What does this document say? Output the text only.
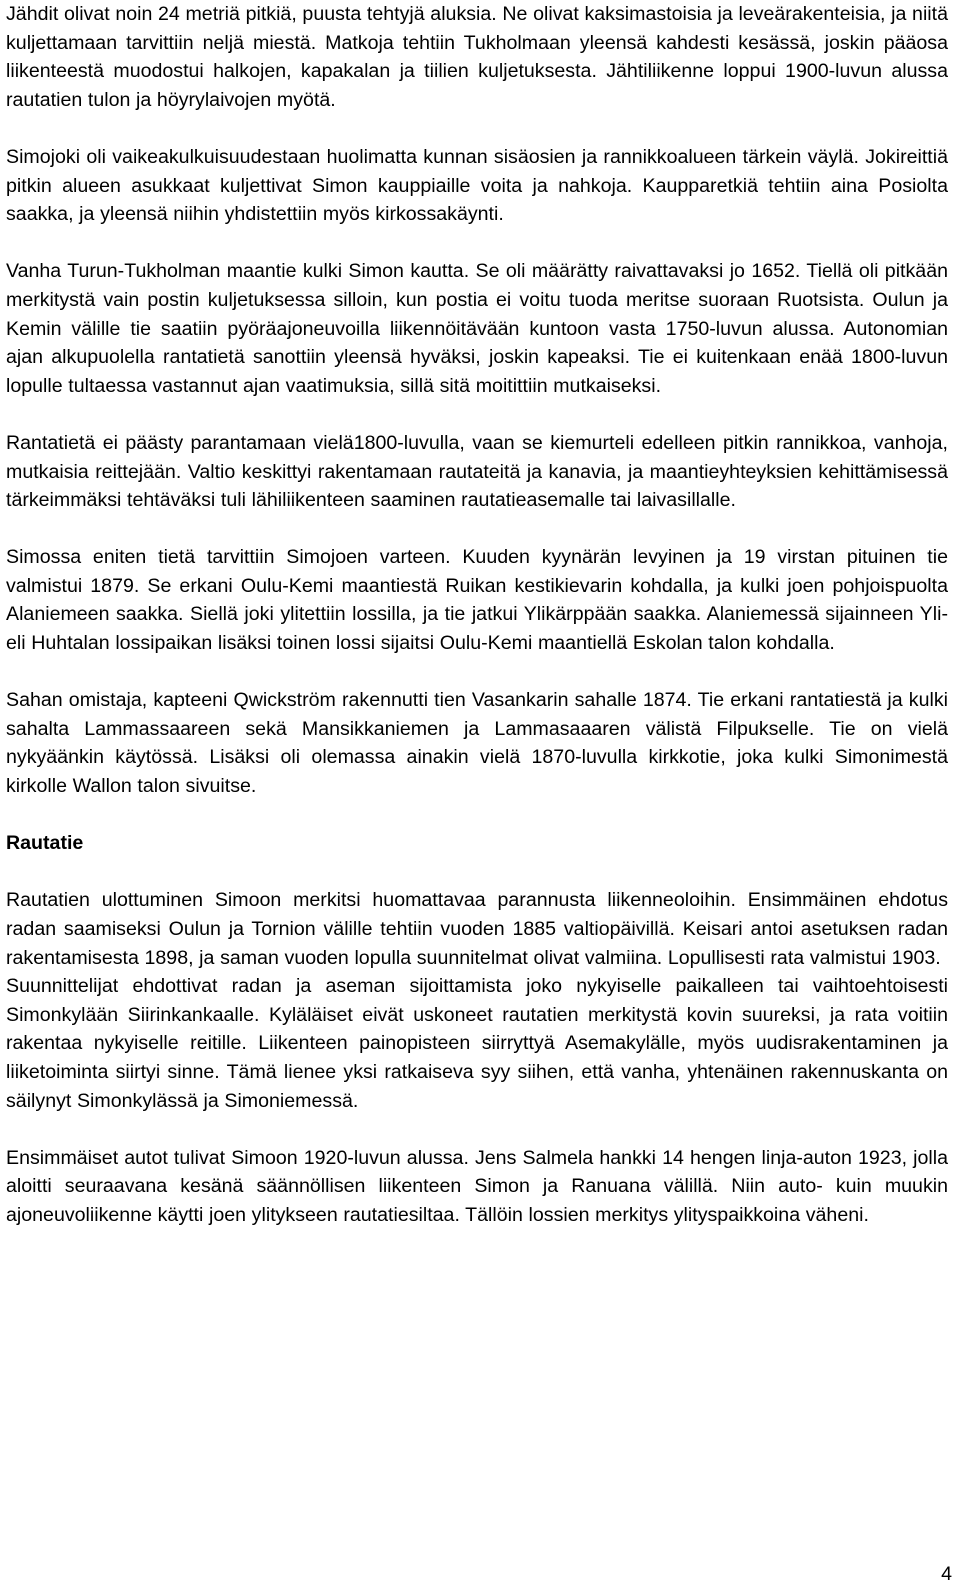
Jähdit olivat noin 24 metriä pitkiä, puusta tehtyjä aluksia. Ne olivat kaksimastoisia ja leveärakenteisia, ja niitä kuljettamaan tarvittiin neljä miestä. Matkoja tehtiin Tukholmaan yleensä kahdesti kesässä, joskin pääosa liikenteestä muodostui halkojen, kapakalan ja tiilien kuljetuksesta. Jähtiliikenne loppui 1900-luvun alussa rautatien tulon ja höyrylaivojen myötä.

Simojoki oli vaikeakulkuisuudestaan huolimatta kunnan sisäosien ja rannikkoalueen tärkein väylä. Jokireittiä pitkin alueen asukkaat kuljettivat Simon kauppiaille voita ja nahkoja. Kaupparetkiä tehtiin aina Posiolta saakka, ja yleensä niihin yhdistettiin myös kirkossakäynti.

Vanha Turun-Tukholman maantie kulki Simon kautta. Se oli määrätty raivattavaksi jo 1652. Tiellä oli pitkään merkitystä vain postin kuljetuksessa silloin, kun postia ei voitu tuoda meritse suoraan Ruotsista. Oulun ja Kemin välille tie saatiin pyöräajoneuvoilla liikennöitävään kuntoon vasta 1750-luvun alussa. Autonomian ajan alkupuolella rantatietä sanottiin yleensä hyväksi, joskin kapeaksi. Tie ei kuitenkaan enää 1800-luvun lopulle tultaessa vastannut ajan vaatimuksia, sillä sitä moitittiin mutkaiseksi.

Rantatietä ei päästy parantamaan vielä1800-luvulla, vaan se kiemurteli edelleen pitkin rannikkoa, vanhoja, mutkaisia reittejään. Valtio keskittyi rakentamaan rautateitä ja kanavia, ja maantieyhteyksien kehittämisessä tärkeimmäksi tehtäväksi tuli lähiliikenteen saaminen rautatieasemalle tai laivasillalle.

Simossa eniten tietä tarvittiin Simojoen varteen. Kuuden kyynärän levyinen ja 19 virstan pituinen tie valmistui 1879. Se erkani Oulu-Kemi maantiestä Ruikan kestikievarin kohdalla, ja kulki joen pohjoispuolta Alaniemeen saakka. Siellä joki ylitettiin lossilla, ja tie jatkui Ylikärppään saakka. Alaniemessä sijainneen Yli- eli Huhtalan lossipaikan lisäksi toinen lossi sijaitsi Oulu-Kemi maantiellä Eskolan talon kohdalla.

Sahan omistaja, kapteeni Qwickström rakennutti tien Vasankarin sahalle 1874. Tie erkani rantatiestä ja kulki sahalta Lammassaareen sekä Mansikkaniemen ja Lammasaaaren välistä Filpukselle. Tie on vielä nykyäänkin käytössä. Lisäksi oli olemassa ainakin vielä 1870-luvulla kirkkotie, joka kulki Simonimestä kirkolle Wallon talon sivuitse.

Rautatie

Rautatien ulottuminen Simoon merkitsi huomattavaa parannusta liikenneoloihin. Ensimmäinen ehdotus radan saamiseksi Oulun ja Tornion välille tehtiin vuoden 1885 valtiopäivillä. Keisari antoi asetuksen radan rakentamisesta 1898, ja saman vuoden lopulla suunnitelmat olivat valmiina. Lopullisesti rata valmistui 1903.

Suunnittelijat ehdottivat radan ja aseman sijoittamista joko nykyiselle paikalleen tai vaihtoehtoisesti Simonkylään Siirinkankaalle. Kyläläiset eivät uskoneet rautatien merkitystä kovin suureksi, ja rata voitiin rakentaa nykyiselle reitille. Liikenteen painopisteen siirryttyä Asemakylälle, myös uudisrakentaminen ja liiketoiminta siirtyi sinne. Tämä lienee yksi ratkaiseva syy siihen, että vanha, yhtenäinen rakennuskanta on säilynyt Simonkylässä ja Simoniemessä.

Ensimmäiset autot tulivat Simoon 1920-luvun alussa. Jens Salmela hankki 14 hengen linja-auton 1923, jolla aloitti seuraavana kesänä säännöllisen liikenteen Simon ja Ranuana välillä. Niin auto- kuin muukin ajoneuvoliikenne käytti joen ylitykseen rautatiesiltaa. Tällöin lossien merkitys ylityspaikkoina väheni.

4
